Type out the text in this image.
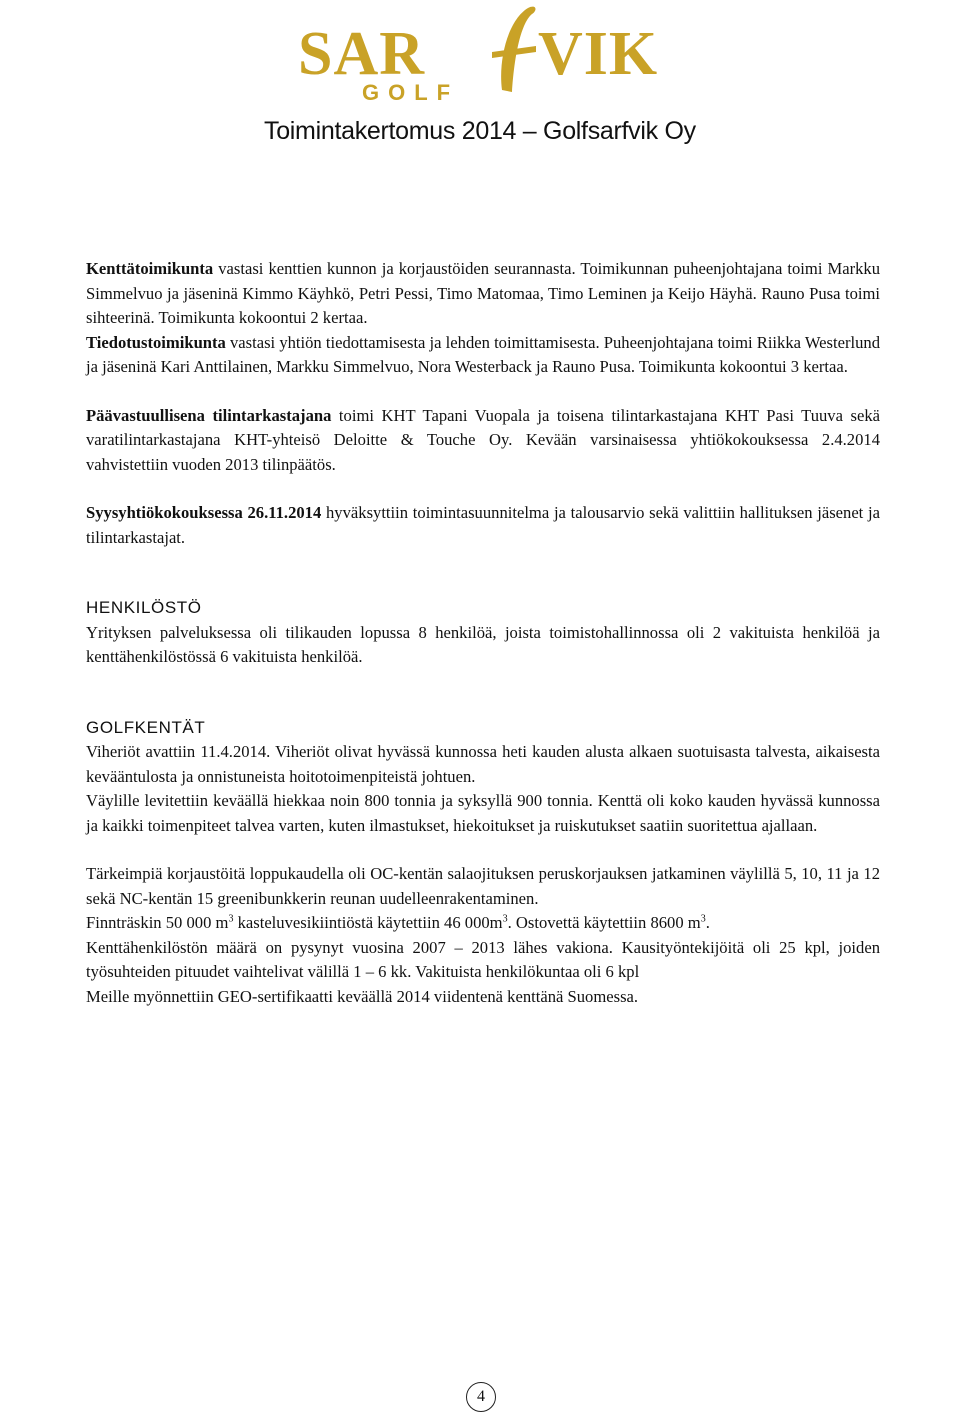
SAR VIK
GOLF
Toimintakertomus 2014 – Golfsarfvik Oy

Kenttätoimikunta vastasi kenttien kunnon ja korjaustöiden seurannasta. Toimikunnan puheenjohtajana toimi Markku Simmelvuo ja jäseninä Kimmo Käyhkö, Petri Pessi, Timo Matomaa, Timo Leminen ja Keijo Häyhä. Rauno Pusa toimi sihteerinä. Toimikunta kokoontui 2 kertaa.

Tiedotustoimikunta vastasi yhtiön tiedottamisesta ja lehden toimittamisesta. Puheenjohtajana toimi Riikka Westerlund ja jäseninä Kari Anttilainen, Markku Simmelvuo, Nora Westerback ja Rauno Pusa. Toimikunta kokoontui 3 kertaa.

Päävastuullisena tilintarkastajana toimi KHT Tapani Vuopala ja toisena tilintarkastajana KHT Pasi Tuuva sekä varatilintarkastajana KHT-yhteisö Deloitte & Touche Oy. Kevään varsinaisessa yhtiökokouksessa 2.4.2014 vahvistettiin vuoden 2013 tilinpäätös.

Syysyhtiökokouksessa 26.11.2014 hyväksyttiin toimintasuunnitelma ja talousarvio sekä valittiin hallituksen jäsenet ja tilintarkastajat.

HENKILÖSTÖ

Yrityksen palveluksessa oli tilikauden lopussa 8 henkilöä, joista toimistohallinnossa oli 2 vakituista henkilöä ja kenttähenkilöstössä 6 vakituista henkilöä.

GOLFKENTÄT

Viheriöt avattiin 11.4.2014. Viheriöt olivat hyvässä kunnossa heti kauden alusta alkaen suotuisasta talvesta, aikaisesta kevääntulosta ja onnistuneista hoitotoimenpiteistä johtuen.

Väylille levitettiin keväällä hiekkaa noin 800 tonnia ja syksyllä 900 tonnia. Kenttä oli koko kauden hyvässä kunnossa ja kaikki toimenpiteet talvea varten, kuten ilmastukset, hiekoitukset ja ruiskutukset saatiin suoritettua ajallaan.

Tärkeimpiä korjaustöitä loppukaudella oli OC-kentän salaojituksen peruskorjauksen jatkaminen väylillä 5, 10, 11 ja 12 sekä NC-kentän 15 greenibunkkerin reunan uudelleenrakentaminen.

Finnträskin 50 000 $m^3$ kasteluvesikiintiöstä käytettiin 46 $000m^3$. Ostovettä käytettiin 8600 $m^3$.

Kenttähenkilöstön määrä on pysynyt vuosina 2007 – 2013 lähes vakiona. Kausityöntekijöitä oli 25 kpl, joiden työsuhteiden pituudet vaihtelivat välillä 1 – 6 kk. Vakituista henkilökuntaa oli 6 kpl

Meille myönnettiin GEO-sertifikaatti keväällä 2014 viidentenä kenttänä Suomessa.

4
